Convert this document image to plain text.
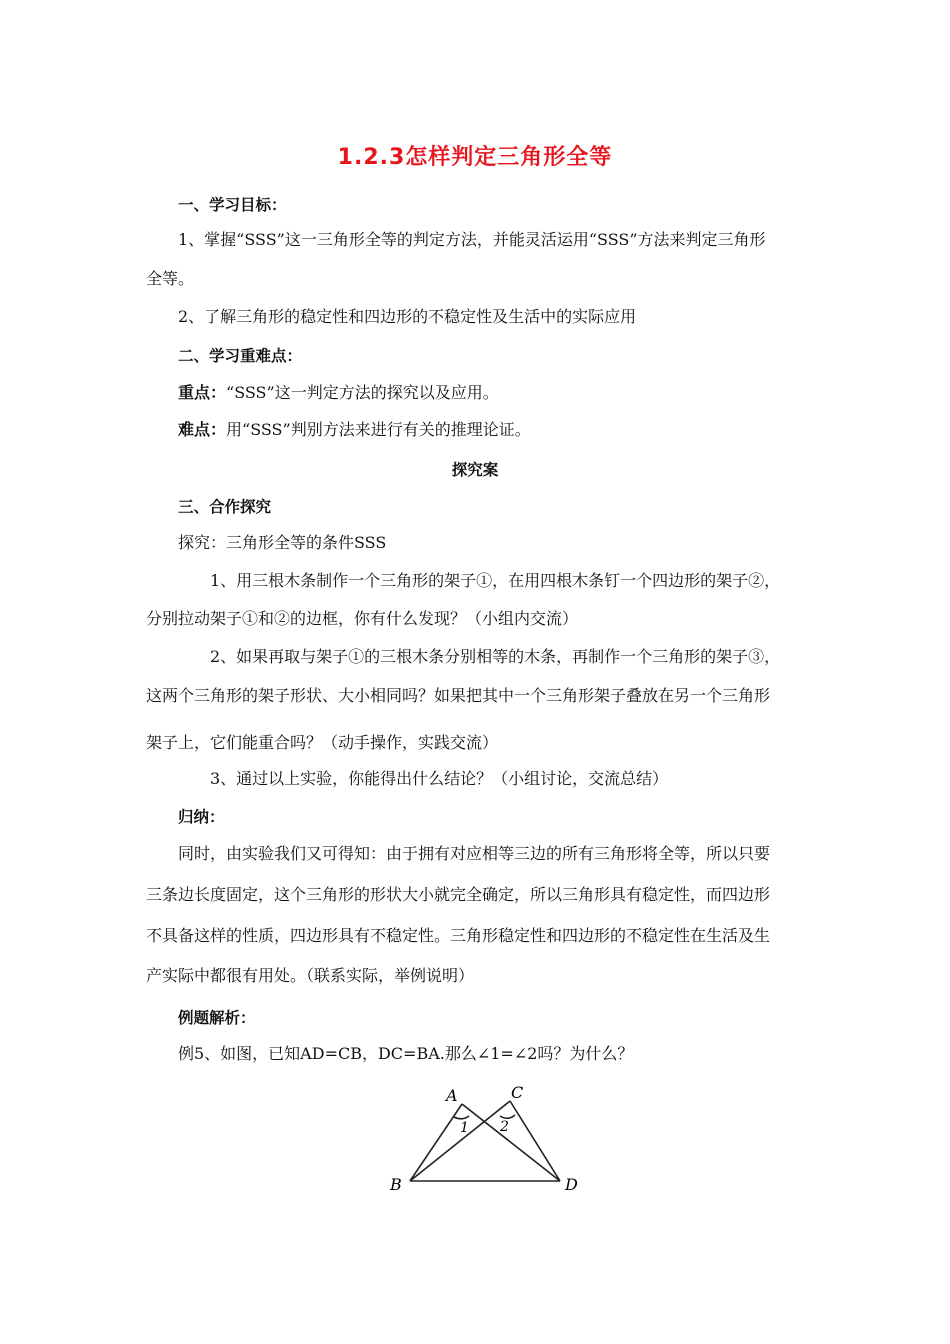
1.2.3怎样判定三角形全等
一、学习目标：
1、掌握“SSS”这一三角形全等的判定方法，并能灵活运用“SSS”方法来判定三角形
全等。
2、了解三角形的稳定性和四边形的不稳定性及生活中的实际应用
二、学习重难点：
重点：“SSS”这一判定方法的探究以及应用。
难点：用“SSS”判别方法来进行有关的推理论证。
探究案
三、合作探究
探究：三角形全等的条件SSS
1、用三根木条制作一个三角形的架子①，在用四根木条钉一个四边形的架子②，
分别拉动架子①和②的边框，你有什么发现？（小组内交流）
2、如果再取与架子①的三根木条分别相等的木条，再制作一个三角形的架子③，
这两个三角形的架子形状、大小相同吗？如果把其中一个三角形架子叠放在另一个三角形
架子上，它们能重合吗？（动手操作，实践交流）
3、通过以上实验，你能得出什么结论？（小组讨论，交流总结）
归纳：
同时，由实验我们又可得知：由于拥有对应相等三边的所有三角形将全等，所以只要
三条边长度固定，这个三角形的形状大小就完全确定，所以三角形具有稳定性，而四边形
不具备这样的性质，四边形具有不稳定性。三角形稳定性和四边形的不稳定性在生活及生
产实际中都很有用处。（联系实际，举例说明）
例题解析：
例5、如图，已知AD=CB，DC=BA.那么∠1=∠2吗？为什么？
A	C
B	D
1 2
